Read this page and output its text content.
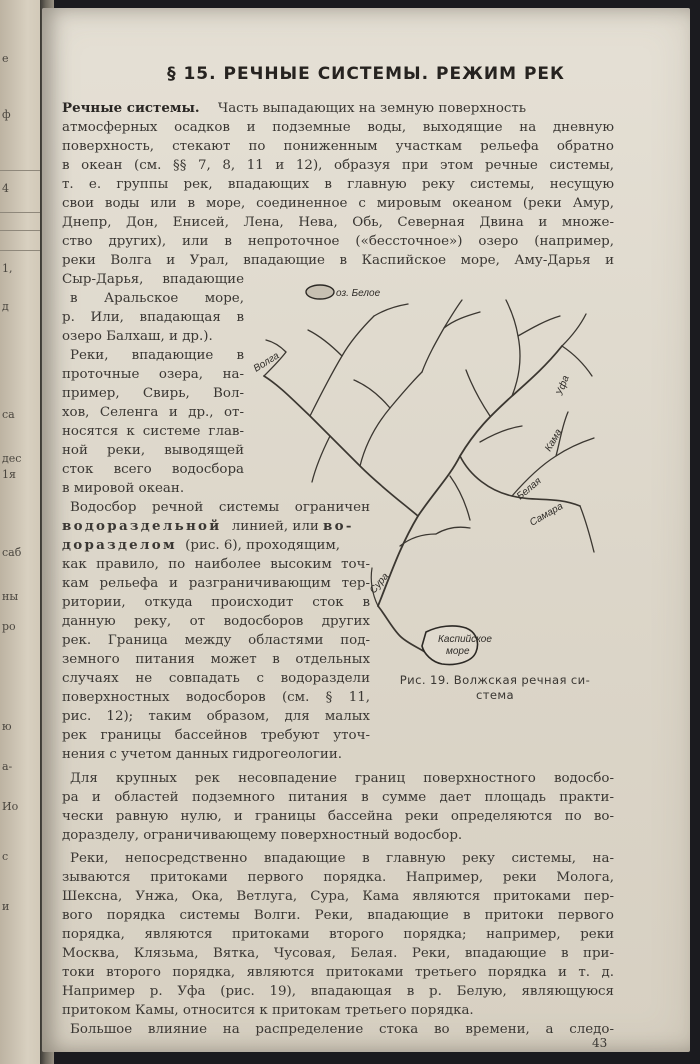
е
ф
4
1,
д
са
дес
1я
саб
ны
ро
ю
а-
Ио
с
и
§ 15. РЕЧНЫЕ СИСТЕМЫ. РЕЖИМ РЕК
Речные системы. Часть выпадающих на земную поверхность
атмосферных осадков и подземные воды, выходящие на дневную
поверхность, стекают по пониженным участкам рельефа обратно
в океан (см. §§ 7, 8, 11 и 12), образуя при этом речные системы,
т. е. группы рек, впадающих в главную реку системы, несущую
свои воды или в море, соединенное с мировым океаном (реки Амур,
Днепр, Дон, Енисей, Лена, Нева, Обь, Северная Двина и множе-
ство других), или в непроточное («бессточное») озеро (например,
реки Волга и Урал, впадающие в Каспийское море, Аму-Дарья и
Сыр-Дарья, впадающие
в Аральское море,
р. Или, впадающая в
озеро Балхаш, и др.).
Реки, впадающие в
проточные озера, на-
пример, Свирь, Вол-
хов, Селенга и др., от-
носятся к системе глав-
ной реки, выводящей
сток всего водосбора
в мировой океан.
Водосбор речной системы ограничен
водораздельной линией, или во-
доразделом (рис. 6), проходящим,
как правило, по наиболее высоким точ-
кам рельефа и разграничивающим тер-
ритории, откуда происходит сток в
данную реку, от водосборов других
рек. Граница между областями под-
земного питания может в отдельных
случаях не совпадать с водораздели
поверхностных водосборов (см. § 11,
рис. 12); таким образом, для малых
рек границы бассейнов требуют уточ-
нения с учетом данных гидрогеологии.
оз. Белое
Волга
Кама
Белая
Самара
Уфа
Сура
Каспийское
море
Рис. 19. Волжская речная си-
стема
Для крупных рек несовпадение границ поверхностного водосбо-
ра и областей подземного питания в сумме дает площадь практи-
чески равную нулю, и границы бассейна реки определяются по во-
доразделу, ограничивающему поверхностный водосбор.
Реки, непосредственно впадающие в главную реку системы, на-
зываются притоками первого порядка. Например, реки Молога,
Шексна, Унжа, Ока, Ветлуга, Сура, Кама являются притоками пер-
вого порядка системы Волги. Реки, впадающие в притоки первого
порядка, являются притоками второго порядка; например, реки
Москва, Клязьма, Вятка, Чусовая, Белая. Реки, впадающие в при-
токи второго порядка, являются притоками третьего порядка и т. д.
Например р. Уфа (рис. 19), впадающая в р. Белую, являющуюся
притоком Камы, относится к притокам третьего порядка.
Большое влияние на распределение стока во времени, а следо-
43
